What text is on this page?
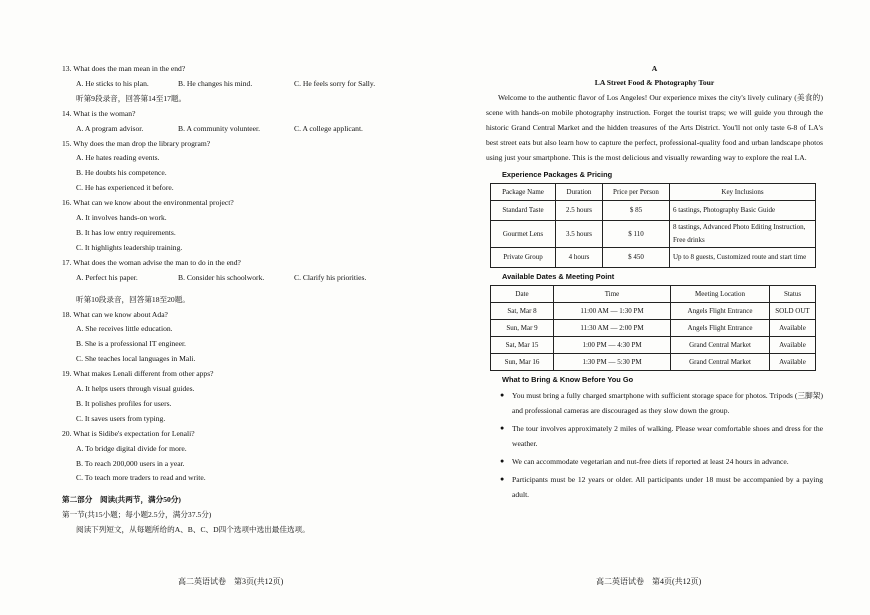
13. What does the man mean in the end?

A. He sticks to his plan.	B. He changes his mind.	C. He feels sorry for Sally.
听第9段录音，回答第14至17题。

14. What is the woman?

A. A program advisor.	B. A community volunteer.	C. A college applicant.

15. Why does the man drop the library program?

A. He hates reading events.
B. He doubts his competence.
C. He has experienced it before.

16. What can we know about the environmental project?

A. It involves hands-on work.
B. It has low entry requirements.
C. It highlights leadership training.

17. What does the woman advise the man to do in the end?

A. Perfect his paper.	B. Consider his schoolwork.	C. Clarify his priorities.
听第10段录音，回答第18至20题。

18. What can we know about Ada?

A. She receives little education.
B. She is a professional IT engineer.
C. She teaches local languages in Mali.

19. What makes Lenali different from other apps?

A. It helps users through visual guides.
B. It polishes profiles for users.
C. It saves users from typing.

20. What is Sidibe's expectation for Lenali?

A. To bridge digital divide for more.
B. To reach 200,000 users in a year.
C. To teach more traders to read and write.
第二部分　阅读(共两节，满分50分)
第一节(共15小题；每小题2.5分，满分37.5分)
阅读下列短文，从每题所给的A、B、C、D四个选项中选出最佳选项。
高二英语试卷　第3页(共12页)
A
LA Street Food & Photography Tour

Welcome to the authentic flavor of Los Angeles! Our experience mixes the city's lively culinary (美食的) scene with hands-on mobile photography instruction. Forget the tourist traps; we will guide you through the historic Grand Central Market and the hidden treasures of the Arts District. You'll not only taste 6-8 of LA's best street eats but also learn how to capture the perfect, professional-quality food and urban landscape photos using just your smartphone. This is the most delicious and visually rewarding way to explore the real LA.

Experience Packages & Pricing
Package Name	Duration	Price per Person	Key Inclusions
Standard Taste	2.5 hours	$ 85	6 tastings, Photography Basic Guide
Gourmet Lens	3.5 hours	$ 110	8 tastings, Advanced Photo Editing Instruction, Free drinks
Private Group	4 hours	$ 450	Up to 8 guests, Customized route and start time
Available Dates & Meeting Point
Date	Time	Meeting Location	Status
Sat, Mar 8	11:00 AM — 1:30 PM	Angels Flight Entrance	SOLD OUT
Sun, Mar 9	11:30 AM — 2:00 PM	Angels Flight Entrance	Available
Sat, Mar 15	1:00 PM — 4:30 PM	Grand Central Market	Available
Sun, Mar 16	1:30 PM — 5:30 PM	Grand Central Market	Available
What to Bring & Know Before You Go
● You must bring a fully charged smartphone with sufficient storage space for photos. Tripods (三脚架) and professional cameras are discouraged as they slow down the group.
● The tour involves approximately 2 miles of walking. Please wear comfortable shoes and dress for the weather.
● We can accommodate vegetarian and nut-free diets if reported at least 24 hours in advance.
● Participants must be 12 years or older. All participants under 18 must be accompanied by a paying adult.
高二英语试卷　第4页(共12页)
